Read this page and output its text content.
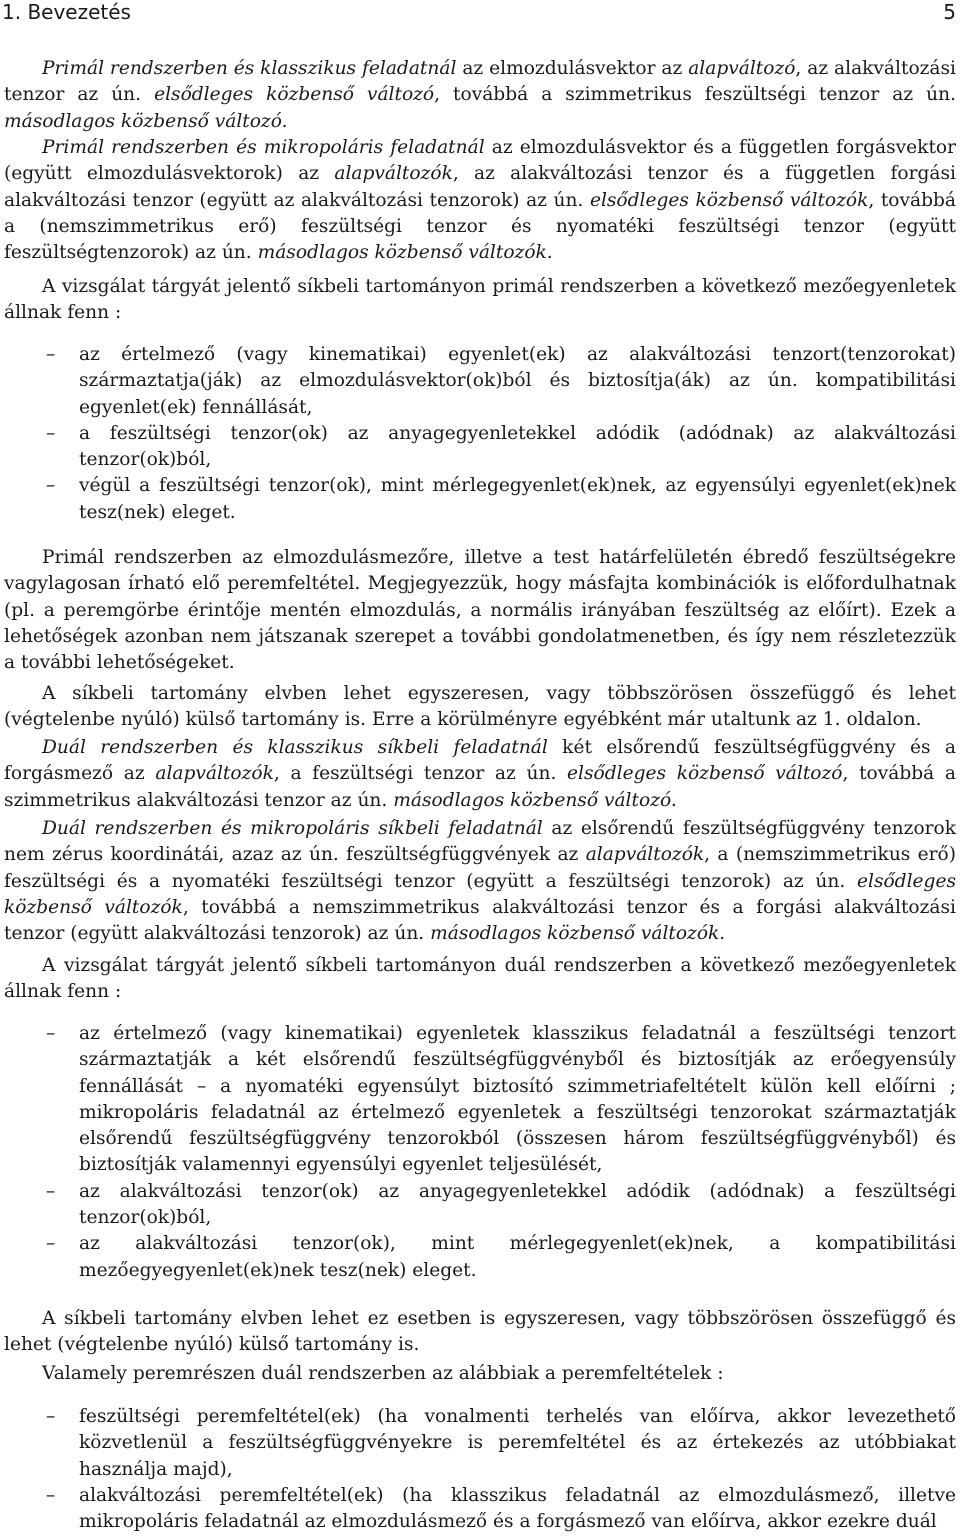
1. Bevezetés	5

Primál rendszerben és klasszikus feladatnál az elmozdulásvektor az alapváltozó, az alakváltozási tenzor az ún. elsődleges közbenső változó, továbbá a szimmetrikus feszültségi tenzor az ún. másodlagos közbenső változó.

Primál rendszerben és mikropoláris feladatnál az elmozdulásvektor és a független forgásvektor (együtt elmozdulásvektorok) az alapváltozók, az alakváltozási tenzor és a független forgási alakváltozási tenzor (együtt az alakváltozási tenzorok) az ún. elsődleges közbenső változók, továbbá a (nemszimmetrikus erő) feszültségi tenzor és nyomatéki feszültségi tenzor (együtt feszültségtenzorok) az ún. másodlagos közbenső változók.

A vizsgálat tárgyát jelentő síkbeli tartományon primál rendszerben a következő mezőegyenletek állnak fenn :

– az értelmező (vagy kinematikai) egyenlet(ek) az alakváltozási tenzort(tenzorokat) származtatja(ják) az elmozdulásvektor(ok)ból és biztosítja(ák) az ún. kompatibilitási egyenlet(ek) fennállását,
– a feszültségi tenzor(ok) az anyagegyenletekkel adódik (adódnak) az alakváltozási tenzor(ok)ból,
– végül a feszültségi tenzor(ok), mint mérlegegyenlet(ek)nek, az egyensúlyi egyenlet(ek)nek tesz(nek) eleget.

Primál rendszerben az elmozdulásmezőre, illetve a test határfelületén ébredő feszültségekre vagylagosan írható elő peremfeltétel. Megjegyezzük, hogy másfajta kombinációk is előfordulhatnak (pl. a peremgörbe érintője mentén elmozdulás, a normális irányában feszültség az előírt). Ezek a lehetőségek azonban nem játszanak szerepet a további gondolatmenetben, és így nem részletezzük a további lehetőségeket.

A síkbeli tartomány elvben lehet egyszeresen, vagy többszörösen összefüggő és lehet (végtelenbe nyúló) külső tartomány is. Erre a körülményre egyébként már utaltunk az 1. oldalon.

Duál rendszerben és klasszikus síkbeli feladatnál két elsőrendű feszültségfüggvény és a forgásmező az alapváltozók, a feszültségi tenzor az ún. elsődleges közbenső változó, továbbá a szimmetrikus alakváltozási tenzor az ún. másodlagos közbenső változó.

Duál rendszerben és mikropoláris síkbeli feladatnál az elsőrendű feszültségfüggvény tenzorok nem zérus koordinátái, azaz az ún. feszültségfüggvények az alapváltozók, a (nemszimmetrikus erő) feszültségi és a nyomatéki feszültségi tenzor (együtt a feszültségi tenzorok) az ún. elsődleges közbenső változók, továbbá a nemszimmetrikus alakváltozási tenzor és a forgási alakváltozási tenzor (együtt alakváltozási tenzorok) az ún. másodlagos közbenső változók.

A vizsgálat tárgyát jelentő síkbeli tartományon duál rendszerben a következő mezőegyenletek állnak fenn :

– az értelmező (vagy kinematikai) egyenletek klasszikus feladatnál a feszültségi tenzort származtatják a két elsőrendű feszültségfüggvényből és biztosítják az erőegyensúly fennállását – a nyomatéki egyensúlyt biztosító szimmetriafeltételt külön kell előírni ; mikropoláris feladatnál az értelmező egyenletek a feszültségi tenzorokat származtatják elsőrendű feszültségfüggvény tenzorokból (összesen három feszültségfüggvényből) és biztosítják valamennyi egyensúlyi egyenlet teljesülését,
– az alakváltozási tenzor(ok) az anyagegyenletekkel adódik (adódnak) a feszültségi tenzor(ok)ból,
– az alakváltozási tenzor(ok), mint mérlegegyenlet(ek)nek, a kompatibilitási mezőegyegyenlet(ek)nek tesz(nek) eleget.

A síkbeli tartomány elvben lehet ez esetben is egyszeresen, vagy többszörösen összefüggő és lehet (végtelenbe nyúló) külső tartomány is.

Valamely peremrészen duál rendszerben az alábbiak a peremfeltételek :

– feszültségi peremfeltétel(ek) (ha vonalmenti terhelés van előírva, akkor levezethető közvetlenül a feszültségfüggvényekre is peremfeltétel és az értekezés az utóbbiakat használja majd),
– alakváltozási peremfeltétel(ek) (ha klasszikus feladatnál az elmozdulásmező, illetve mikropoláris feladatnál az elmozdulásmező és a forgásmező van előírva, akkor ezekre duál
